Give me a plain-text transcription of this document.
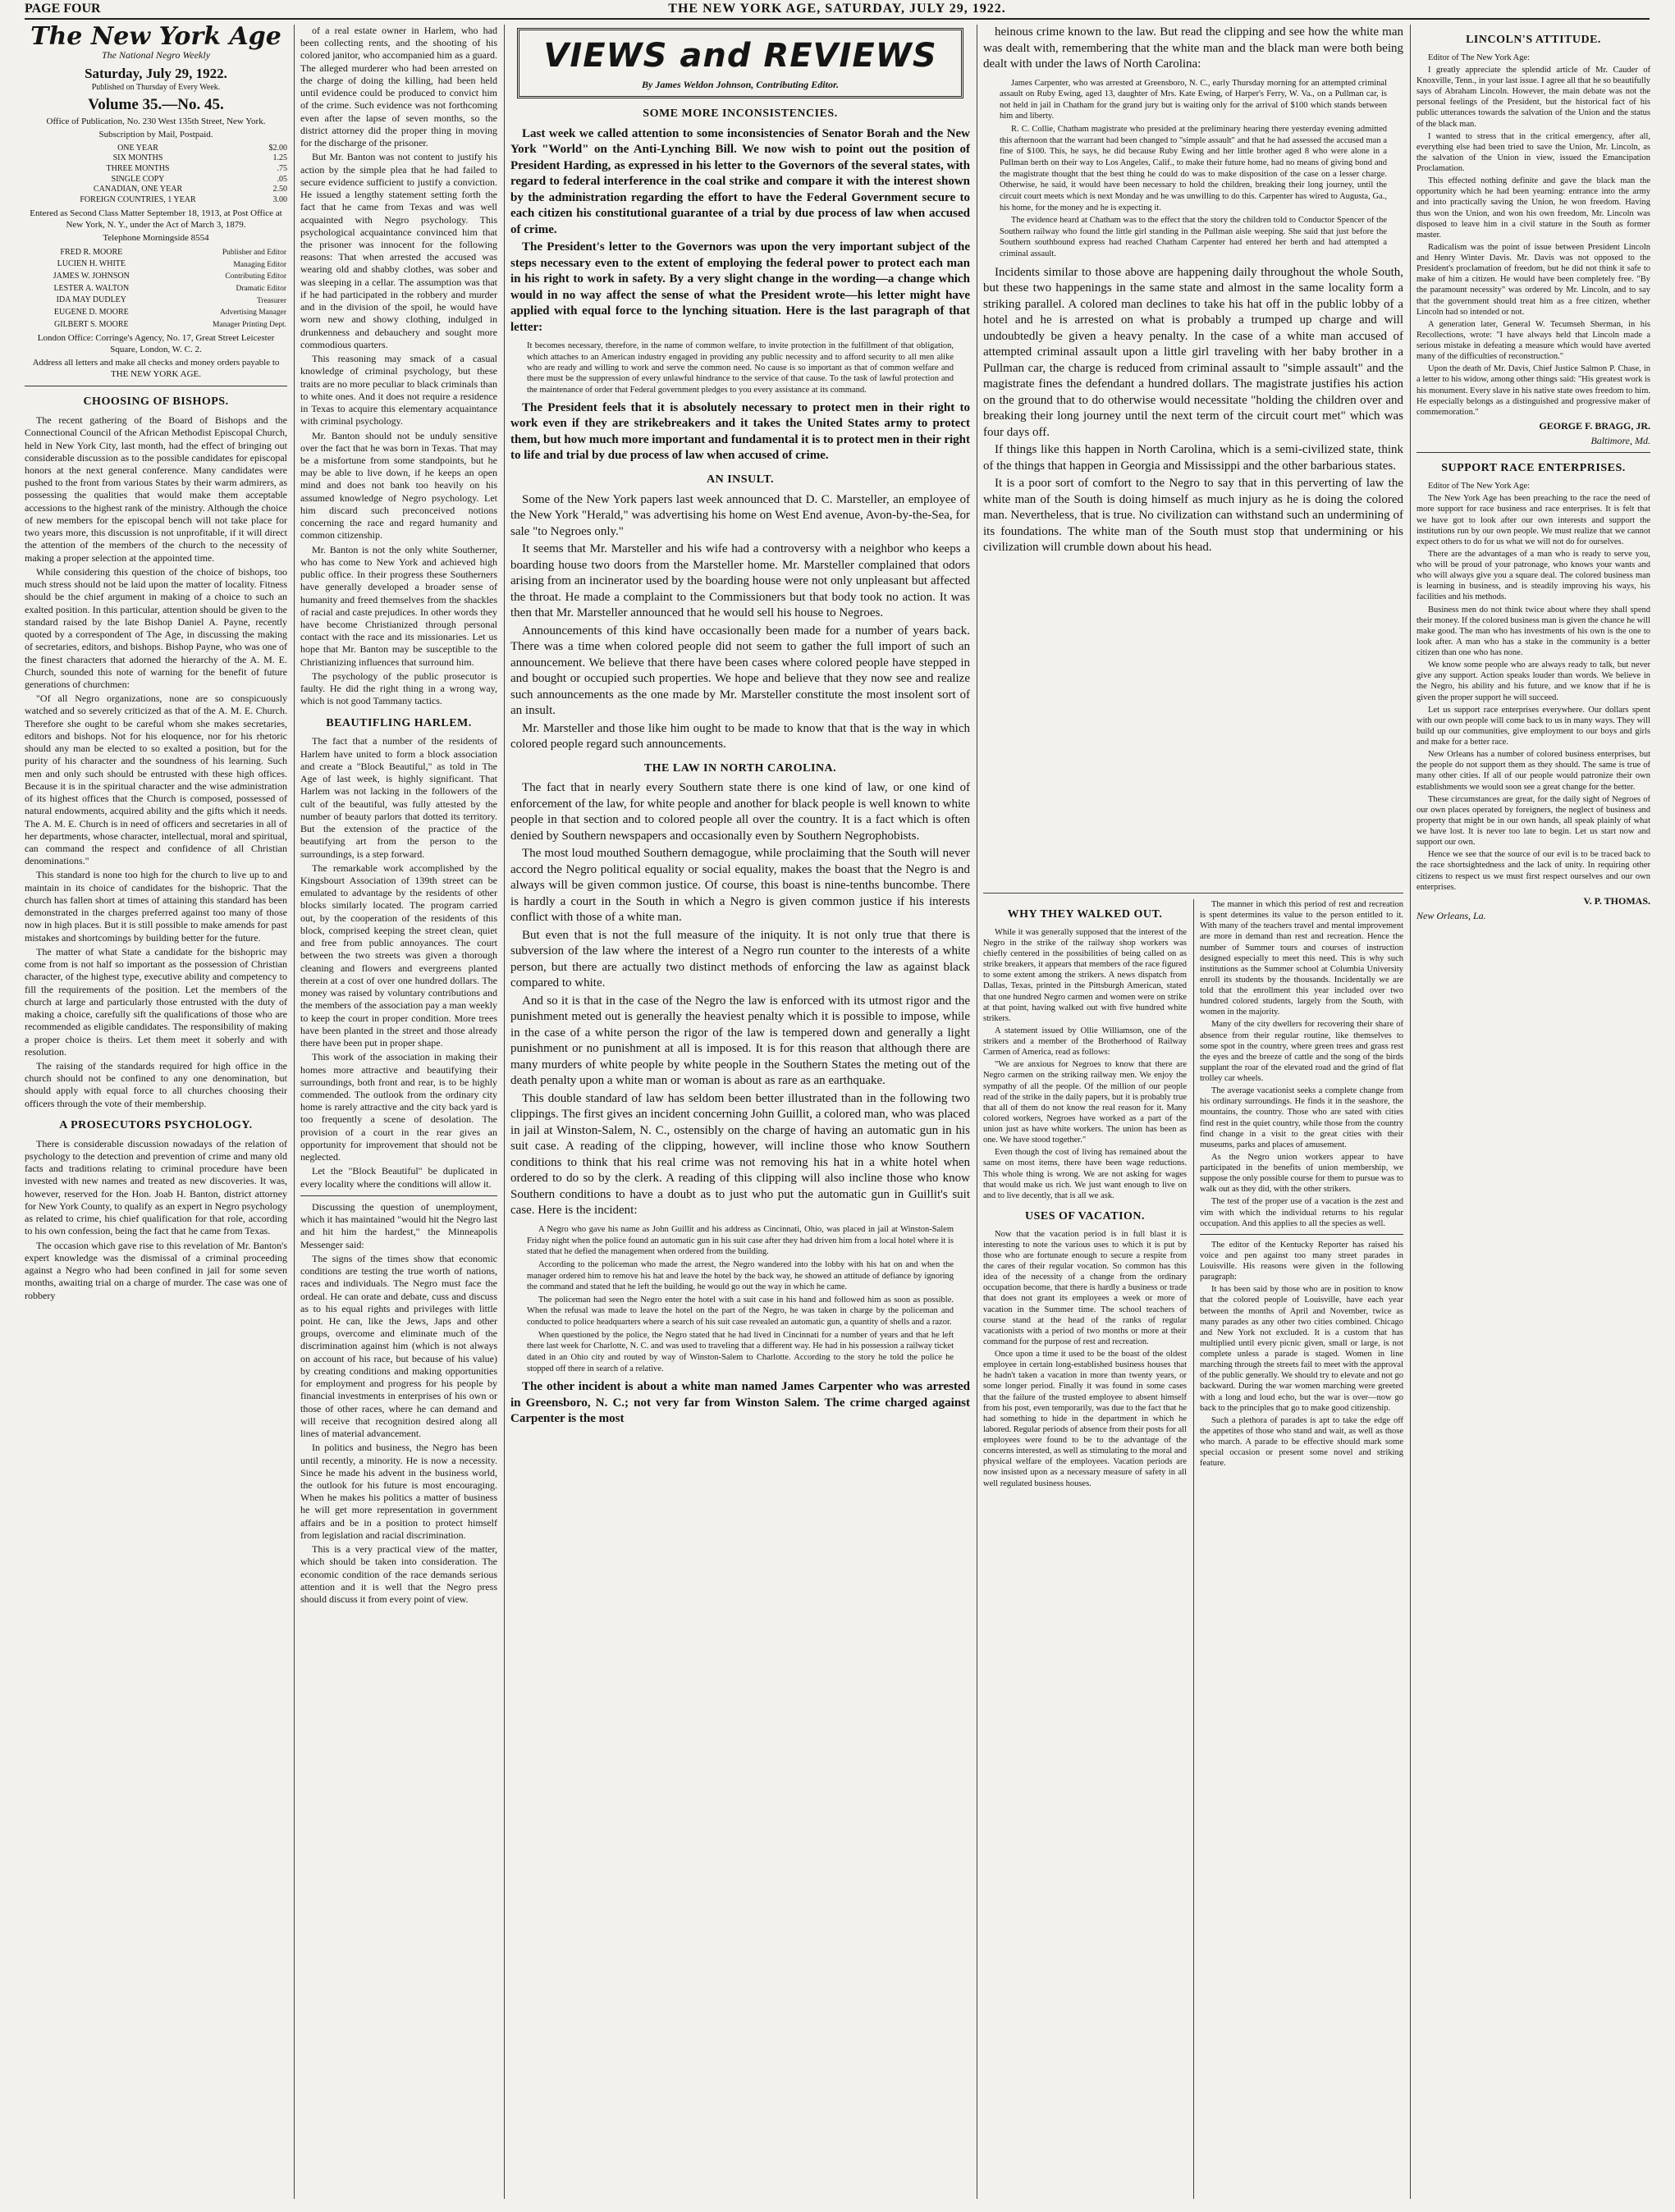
PAGE FOUR	THE NEW YORK AGE, SATURDAY, JULY 29, 1922.
The New York Age
The National Negro Weekly
Saturday, July 29, 1922.
Published on Thursday of Every Week.
Volume 35.—No. 45.
Office of Publication, No. 230 West 135th Street, New York.
Subscription by Mail, Postpaid.
ONE YEAR	$2.00
SIX MONTHS	1.25
THREE MONTHS	.75
SINGLE COPY	.05
CANADIAN, ONE YEAR	2.50
FOREIGN COUNTRIES, 1 YEAR	3.00
Entered as Second Class Matter September 18, 1913, at Post Office at New York, N. Y., under the Act of March 3, 1879.
Telephone Morningside 8554
FRED R. MOORE	Publisher and Editor
LUCIEN H. WHITE	Managing Editor
JAMES W. JOHNSON	Contributing Editor
LESTER A. WALTON	Dramatic Editor
IDA MAY DUDLEY	Treasurer
EUGENE D. MOORE	Advertising Manager
GILBERT S. MOORE	Manager Printing Dept.
London Office: Corringe's Agency, No. 17, Great Street Leicester Square, London, W. C. 2.
Address all letters and make all checks and money orders payable to THE NEW YORK AGE.
CHOOSING OF BISHOPS.

The recent gathering of the Board of Bishops and the Connectional Council of the African Methodist Episcopal Church, held in New York City, last month, had the effect of bringing out considerable discussion as to the possible candidates for episcopal honors at the next general conference. Many candidates were pushed to the front from various States by their warm admirers, as possessing the qualities that would make them acceptable accessions to the highest rank of the ministry. Although the choice of new members for the episcopal bench will not take place for two years more, this discussion is not unprofitable, if it will direct the attention of the members of the church to the necessity of making a proper selection at the appointed time.

While considering this question of the choice of bishops, too much stress should not be laid upon the matter of locality. Fitness should be the chief argument in making of a choice to such an exalted position. In this particular, attention should be given to the standard raised by the late Bishop Daniel A. Payne, recently quoted by a correspondent of The Age, in discussing the making of secretaries, editors, and bishops. Bishop Payne, who was one of the finest characters that adorned the hierarchy of the A. M. E. Church, sounded this note of warning for the benefit of future generations of churchmen:

"Of all Negro organizations, none are so conspicuously watched and so severely criticized as that of the A. M. E. Church. Therefore she ought to be careful whom she makes secretaries, editors and bishops. Not for his eloquence, nor for his rhetoric should any man be elected to so exalted a position, but for the purity of his character and the soundness of his learning. Such men and only such should be entrusted with these high offices. Because it is in the spiritual character and the wise administration of its highest offices that the Church is composed, possessed of natural endowments, acquired ability and the gifts which it needs. The A. M. E. Church is in need of officers and secretaries in all of her departments, whose character, intellectual, moral and spiritual, can command the respect and confidence of all Christian denominations."

This standard is none too high for the church to live up to and maintain in its choice of candidates for the bishopric. That the church has fallen short at times of attaining this standard has been demonstrated in the charges preferred against too many of those now in high places. But it is still possible to make amends for past mistakes and shortcomings by building better for the future.

The matter of what State a candidate for the bishopric may come from is not half so important as the possession of Christian character, of the highest type, executive ability and competency to fill the requirements of the position. Let the members of the church at large and particularly those entrusted with the duty of making a choice, carefully sift the qualifications of those who are recommended as eligible candidates. The responsibility of making a proper choice is theirs. Let them meet it soberly and with resolution.

The raising of the standards required for high office in the church should not be confined to any one denomination, but should apply with equal force to all churches choosing their officers through the vote of their membership.

A PROSECUTORS PSYCHOLOGY.

There is considerable discussion nowadays of the relation of psychology to the detection and prevention of crime and many old facts and traditions relating to criminal procedure have been invested with new names and treated as new discoveries. It was, however, reserved for the Hon. Joab H. Banton, district attorney for New York County, to qualify as an expert in Negro psychology as related to crime, his chief qualification for that role, according to his own confession, being the fact that he came from Texas.

The occasion which gave rise to this revelation of Mr. Banton's expert knowledge was the dismissal of a criminal proceeding against a Negro who had been confined in jail for some seven months, awaiting trial on a charge of murder. The case was one of robbery

of a real estate owner in Harlem, who had been collecting rents, and the shooting of his colored janitor, who accompanied him as a guard. The alleged murderer who had been arrested on the charge of doing the killing, had been held until evidence could be produced to convict him of the crime. Such evidence was not forthcoming even after the lapse of seven months, so the district attorney did the proper thing in moving for the discharge of the prisoner.

But Mr. Banton was not content to justify his action by the simple plea that he had failed to secure evidence sufficient to justify a conviction. He issued a lengthy statement setting forth the fact that he came from Texas and was well acquainted with Negro psychology. This psychological acquaintance convinced him that the prisoner was innocent for the following reasons: That when arrested the accused was wearing old and shabby clothes, was sober and was sleeping in a cellar. The assumption was that if he had participated in the robbery and murder and in the division of the spoil, he would have worn new and showy clothing, indulged in drunkenness and debauchery and sought more commodious quarters.

This reasoning may smack of a casual knowledge of criminal psychology, but these traits are no more peculiar to black criminals than to white ones. And it does not require a residence in Texas to acquire this elementary acquaintance with criminal psychology.

Mr. Banton should not be unduly sensitive over the fact that he was born in Texas. That may be a misfortune from some standpoints, but he may be able to live down, if he keeps an open mind and does not bank too heavily on his assumed knowledge of Negro psychology. Let him discard such preconceived notions concerning the race and regard humanity and common citizenship.

Mr. Banton is not the only white Southerner, who has come to New York and achieved high public office. In their progress these Southerners have generally developed a broader sense of humanity and freed themselves from the shackles of racial and caste prejudices. In other words they have become Christianized through personal contact with the race and its missionaries. Let us hope that Mr. Banton may be susceptible to the Christianizing influences that surround him.

The psychology of the public prosecutor is faulty. He did the right thing in a wrong way, which is not good Tammany tactics.

BEAUTIFLING HARLEM.

The fact that a number of the residents of Harlem have united to form a block association and create a "Block Beautiful," as told in The Age of last week, is highly significant. That Harlem was not lacking in the followers of the cult of the beautiful, was fully attested by the number of beauty parlors that dotted its territory. But the extension of the practice of the beautifying art from the person to the surroundings, is a step forward.

The remarkable work accomplished by the Kingsbourt Association of 139th street can be emulated to advantage by the residents of other blocks similarly located. The program carried out, by the cooperation of the residents of this block, comprised keeping the street clean, quiet and free from public annoyances. The court between the two streets was given a thorough cleaning and flowers and evergreens planted therein at a cost of over one hundred dollars. The money was raised by voluntary contributions and the members of the association pay a man weekly to keep the court in proper condition. More trees have been planted in the street and those already there have been put in proper shape.

This work of the association in making their homes more attractive and beautifying their surroundings, both front and rear, is to be highly commended. The outlook from the ordinary city home is rarely attractive and the city back yard is too frequently a scene of desolation. The provision of a court in the rear gives an opportunity for improvement that should not be neglected.

Let the "Block Beautiful" be duplicated in every locality where the conditions will allow it.

Discussing the question of unemployment, which it has maintained "would hit the Negro last and hit him the hardest," the Minneapolis Messenger said:

The signs of the times show that economic conditions are testing the true worth of nations, races and individuals. The Negro must face the ordeal. He can orate and debate, cuss and discuss as to his equal rights and privileges with little point. He can, like the Jews, Japs and other groups, overcome and eliminate much of the discrimination against him (which is not always on account of his race, but because of his value) by creating conditions and making opportunities for employment and progress for his people by financial investments in enterprises of his own or those of other races, where he can demand and will receive that recognition desired along all lines of material advancement.

In politics and business, the Negro has been until recently, a minority. He is now a necessity. Since he made his advent in the business world, the outlook for his future is most encouraging. When he makes his politics a matter of business he will get more representation in government affairs and be in a position to protect himself from legislation and racial discrimination.

This is a very practical view of the matter, which should be taken into consideration. The economic condition of the race demands serious attention and it is well that the Negro press should discuss it from every point of view.

VIEWS and REVIEWS
By James Weldon Johnson, Contributing Editor.
SOME MORE INCONSISTENCIES.

Last week we called attention to some inconsistencies of Senator Borah and the New York "World" on the Anti-Lynching Bill. We now wish to point out the position of President Harding, as expressed in his letter to the Governors of the several states, with regard to federal interference in the coal strike and compare it with the interest shown by the administration regarding the effort to have the Federal Government secure to each citizen his constitutional guarantee of a trial by due process of law when accused of crime.

The President's letter to the Governors was upon the very important subject of the steps necessary even to the extent of employing the federal power to protect each man in his right to work in safety. By a very slight change in the wording—a change which would in no way affect the sense of what the President wrote—his letter might have applied with equal force to the lynching situation. Here is the last paragraph of that letter:

It becomes necessary, therefore, in the name of common welfare, to invite protection in the fulfillment of that obligation, which attaches to an American industry engaged in providing any public necessity and to afford security to all men alike who are ready and willing to work and serve the common need. No cause is so important as that of common welfare and there must be the suppression of every unlawful hindrance to the service of that cause. To the task of lawful protection and the maintenance of order that Federal government pledges to you every assistance at its command.

The President feels that it is absolutely necessary to protect men in their right to work even if they are strikebreakers and it takes the United States army to protect them, but how much more important and fundamental it is to protect men in their right to life and trial by due process of law when accused of crime.

AN INSULT.

Some of the New York papers last week announced that D. C. Marsteller, an employee of the New York "Herald," was advertising his home on West End avenue, Avon-by-the-Sea, for sale "to Negroes only."

It seems that Mr. Marsteller and his wife had a controversy with a neighbor who keeps a boarding house two doors from the Marsteller home. Mr. Marsteller complained that odors arising from an incinerator used by the boarding house were not only unpleasant but affected the throat. He made a complaint to the Commissioners but that body took no action. It was then that Mr. Marsteller announced that he would sell his house to Negroes.

Announcements of this kind have occasionally been made for a number of years back. There was a time when colored people did not seem to gather the full import of such an announcement. We believe that there have been cases where colored people have stepped in and bought or occupied such properties. We hope and believe that they now see and realize such announcements as the one made by Mr. Marsteller constitute the most insolent sort of an insult.

Mr. Marsteller and those like him ought to be made to know that that is the way in which colored people regard such announcements.

THE LAW IN NORTH CAROLINA.

The fact that in nearly every Southern state there is one kind of law, or one kind of enforcement of the law, for white people and another for black people is well known to white people in that section and to colored people all over the country. It is a fact which is often denied by Southern newspapers and occasionally even by Southern Negrophobists.

The most loud mouthed Southern demagogue, while proclaiming that the South will never accord the Negro political equality or social equality, makes the boast that the Negro is and always will be given common justice. Of course, this boast is nine-tenths buncombe. There is hardly a court in the South in which a Negro is given common justice if his interests conflict with those of a white man.

But even that is not the full measure of the iniquity. It is not only true that there is subversion of the law where the interest of a Negro run counter to the interests of a white person, but there are actually two distinct methods of enforcing the law as against black compared to white.

And so it is that in the case of the Negro the law is enforced with its utmost rigor and the punishment meted out is generally the heaviest penalty which it is possible to impose, while in the case of a white person the rigor of the law is tempered down and generally a light punishment or no punishment at all is imposed. It is for this reason that although there are many murders of white people by white people in the Southern States the meting out of the death penalty upon a white man or woman is about as rare as an earthquake.

This double standard of law has seldom been better illustrated than in the following two clippings. The first gives an incident concerning John Guillit, a colored man, who was placed in jail at Winston-Salem, N. C., ostensibly on the charge of having an automatic gun in his suit case. A reading of the clipping, however, will incline those who know Southern conditions to think that his real crime was not removing his hat in a white hotel when ordered to do so by the clerk. A reading of this clipping will also incline those who know Southern conditions to have a doubt as to just who put the automatic gun in Guillit's suit case. Here is the incident:

A Negro who gave his name as John Guillit and his address as Cincinnati, Ohio, was placed in jail at Winston-Salem Friday night when the police found an automatic gun in his suit case after they had driven him from a local hotel where it is stated that he defied the management when ordered from the building.

According to the policeman who made the arrest, the Negro wandered into the lobby with his hat on and when the manager ordered him to remove his hat and leave the hotel by the back way, he showed an attitude of defiance by ignoring the command and stated that he left the building, he would go out the way in which he came.

The policeman had seen the Negro enter the hotel with a suit case in his hand and followed him as soon as possible. When the refusal was made to leave the hotel on the part of the Negro, he was taken in charge by the policeman and conducted to police headquarters where a search of his suit case revealed an automatic gun, a quantity of shells and a razor.

When questioned by the police, the Negro stated that he had lived in Cincinnati for a number of years and that he left there last week for Charlotte, N. C. and was used to traveling that a different way. He had in his possession a railway ticket dated in an Ohio city and routed by way of Winston-Salem to Charlotte. According to the story he told the police he stopped off there in search of a relative.

The other incident is about a white man named James Carpenter who was arrested in Greensboro, N. C.; not very far from Winston Salem. The crime charged against Carpenter is the most

heinous crime known to the law. But read the clipping and see how the white man was dealt with, remembering that the white man and the black man were both being dealt with under the laws of North Carolina:

James Carpenter, who was arrested at Greensboro, N. C., early Thursday morning for an attempted criminal assault on Ruby Ewing, aged 13, daughter of Mrs. Kate Ewing, of Harper's Ferry, W. Va., on a Pullman car, is not held in jail in Chatham for the grand jury but is waiting only for the arrival of $100 which stands between him and liberty.

R. C. Collie, Chatham magistrate who presided at the preliminary hearing there yesterday evening admitted this afternoon that the warrant had been changed to "simple assault" and that he had assessed the accused man a fine of $100. This, he says, he did because Ruby Ewing and her little brother aged 8 who were alone in a Pullman berth on their way to Los Angeles, Calif., to make their future home, had no means of giving bond and the magistrate thought that the best thing he could do was to make disposition of the case on a lesser charge. Otherwise, he said, it would have been necessary to hold the children, breaking their long journey, until the circuit court meets which is next Monday and he was unwilling to do this. Carpenter has wired to Augusta, Ga., his home, for the money and he is expecting it.

The evidence heard at Chatham was to the effect that the story the children told to Conductor Spencer of the Southern railway who found the little girl standing in the Pullman aisle weeping. She said that just before the Southern southbound express had reached Chatham Carpenter had entered her berth and had attempted a criminal assault.

Incidents similar to those above are happening daily throughout the whole South, but these two happenings in the same state and almost in the same locality form a striking parallel. A colored man declines to take his hat off in the public lobby of a hotel and he is arrested on what is probably a trumped up charge and will undoubtedly be given a heavy penalty. In the case of a white man accused of attempted criminal assault upon a little girl traveling with her baby brother in a Pullman car, the charge is reduced from criminal assault to "simple assault" and the magistrate fines the defendant a hundred dollars. The magistrate justifies his action on the ground that to do otherwise would necessitate "holding the children over and breaking their long journey until the next term of the circuit court met" which was four days off.

If things like this happen in North Carolina, which is a semi-civilized state, think of the things that happen in Georgia and Mississippi and the other barbarious states.

It is a poor sort of comfort to the Negro to say that in this perverting of law the white man of the South is doing himself as much injury as he is doing the colored man. Nevertheless, that is true. No civilization can withstand such an undermining of its foundations. The white man of the South must stop that undermining or his civilization will crumble down about his head.

WHY THEY WALKED OUT.

While it was generally supposed that the interest of the Negro in the strike of the railway shop workers was chiefly centered in the possibilities of being called on as strike breakers, it appears that members of the race figured to some extent among the strikers. A news dispatch from Dallas, Texas, printed in the Pittsburgh American, stated that one hundred Negro carmen and women were on strike at that point, having walked out with five hundred white strikers.

A statement issued by Ollie Williamson, one of the strikers and a member of the Brotherhood of Railway Carmen of America, read as follows:

"We are anxious for Negroes to know that there are Negro carmen on the striking railway men. We enjoy the sympathy of all the people. Of the million of our people read of the strike in the daily papers, but it is probably true that all of them do not know the real reason for it. Many colored workers, Negroes have worked as a part of the union just as have white workers. The union has been as one. We have stood together."

Even though the cost of living has remained about the same on most items, there have been wage reductions. This whole thing is wrong. We are not asking for wages that would make us rich. We just want enough to live on and to live decently, that is all we ask.

USES OF VACATION.

Now that the vacation period is in full blast it is interesting to note the various uses to which it is put by those who are fortunate enough to secure a respite from the cares of their regular vocation. So common has this idea of the necessity of a change from the ordinary occupation become, that there is hardly a business or trade that does not grant its employees a week or more of vacation in the Summer time. The school teachers of course stand at the head of the ranks of regular vacationists with a period of two months or more at their command for the purpose of rest and recreation.

Once upon a time it used to be the boast of the oldest employee in certain long-established business houses that he hadn't taken a vacation in more than twenty years, or some longer period. Finally it was found in some cases that the failure of the trusted employee to absent himself from his post, even temporarily, was due to the fact that he had something to hide in the department in which he labored. Regular periods of absence from their posts for all employees were found to be to the advantage of the concerns interested, as well as stimulating to the moral and physical welfare of the employees. Vacation periods are now insisted upon as a necessary measure of safety in all well regulated business houses.

The manner in which this period of rest and recreation is spent determines its value to the person entitled to it. With many of the teachers travel and mental improvement are more in demand than rest and recreation. Hence the number of Summer tours and courses of instruction designed especially to meet this need. This is why such institutions as the Summer school at Columbia University enroll its students by the thousands. Incidentally we are told that the enrollment this year included over two hundred colored students, largely from the South, with women in the majority.

Many of the city dwellers for recovering their share of absence from their regular routine, like themselves to some spot in the country, where green trees and grass rest the eyes and the breeze of cattle and the song of the birds supplant the roar of the elevated road and the grind of flat trolley car wheels.

The average vacationist seeks a complete change from his ordinary surroundings. He finds it in the seashore, the mountains, the country. Those who are sated with cities find rest in the quiet country, while those from the country find change in a visit to the great cities with their museums, parks and places of amusement.

As the Negro union workers appear to have participated in the benefits of union membership, we suppose the only possible course for them to pursue was to walk out as they did, with the other strikers.

The test of the proper use of a vacation is the zest and vim with which the individual returns to his regular occupation. And this applies to all the species as well.

The editor of the Kentucky Reporter has raised his voice and pen against too many street parades in Louisville. His reasons were given in the following paragraph:

It has been said by those who are in position to know that the colored people of Louisville, have each year between the months of April and November, twice as many parades as any other two cities combined. Chicago and New York not excluded. It is a custom that has multiplied until every picnic given, small or large, is not complete unless a parade is staged. Women in line marching through the streets fail to meet with the approval of the public generally. We should try to elevate and not go backward. During the war women marching were greeted with a long and loud echo, but the war is over—now go back to the principles that go to make good citizenship.

Such a plethora of parades is apt to take the edge off the appetites of those who stand and wait, as well as those who march. A parade to be effective should mark some special occasion or present some novel and striking feature.

LINCOLN'S ATTITUDE.

Editor of The New York Age:

I greatly appreciate the splendid article of Mr. Cauder of Knoxville, Tenn., in your last issue. I agree all that he so beautifully says of Abraham Lincoln. However, the main debate was not the personal feelings of the President, but the historical fact of his public utterances towards the salvation of the Union and the status of the black man.

I wanted to stress that in the critical emergency, after all, everything else had been tried to save the Union, Mr. Lincoln, as the salvation of the Union in view, issued the Emancipation Proclamation.

This effected nothing definite and gave the black man the opportunity which he had been yearning: entrance into the army and into practically saving the Union, he won freedom. Having thus won the Union, and won his own freedom, Mr. Lincoln was disposed to leave him in a civil stature in the South as former master.

Radicalism was the point of issue between President Lincoln and Henry Winter Davis. Mr. Davis was not opposed to the President's proclamation of freedom, but he did not think it safe to make of him a citizen. He would have been completely free. "By the paramount necessity" was ordered by Mr. Lincoln, and to say that the government should treat him as a free citizen, whether Lincoln had so intended or not.

A generation later, General W. Tecumseh Sherman, in his Recollections, wrote: "I have always held that Lincoln made a serious mistake in defeating a measure which would have averted many of the difficulties of reconstruction."

Upon the death of Mr. Davis, Chief Justice Salmon P. Chase, in a letter to his widow, among other things said: "His greatest work is his monument. Every slave in his native state owes freedom to him. He especially belongs as a distinguished and progressive maker of commemoration."

GEORGE F. BRAGG, JR.
Baltimore, Md.
SUPPORT RACE ENTERPRISES.

Editor of The New York Age:

The New York Age has been preaching to the race the need of more support for race business and race enterprises. It is felt that we have got to look after our own interests and support the institutions run by our own people. We must realize that we cannot expect others to do for us what we will not do for ourselves.

There are the advantages of a man who is ready to serve you, who will be proud of your patronage, who knows your wants and who will always give you a square deal. The colored business man is learning in business, and is steadily improving his ways, his facilities and his methods.

Business men do not think twice about where they shall spend their money. If the colored business man is given the chance he will make good. The man who has investments of his own is the one to look after. A man who has a stake in the community is a better citizen than one who has none.

We know some people who are always ready to talk, but never give any support. Action speaks louder than words. We believe in the Negro, his ability and his future, and we know that if he is given the proper support he will succeed.

Let us support race enterprises everywhere. Our dollars spent with our own people will come back to us in many ways. They will build up our communities, give employment to our boys and girls and make for a better race.

New Orleans has a number of colored business enterprises, but the people do not support them as they should. The same is true of many other cities. If all of our people would patronize their own establishments we would soon see a great change for the better.

These circumstances are great, for the daily sight of Negroes of our own places operated by foreigners, the neglect of business and property that might be in our own hands, all speak plainly of what we have lost. It is never too late to begin. Let us start now and support our own.

Hence we see that the source of our evil is to be traced back to the race shortsightedness and the lack of unity. In requiring other citizens to respect us we must first respect ourselves and our own enterprises.

V. P. THOMAS.
New Orleans, La.
